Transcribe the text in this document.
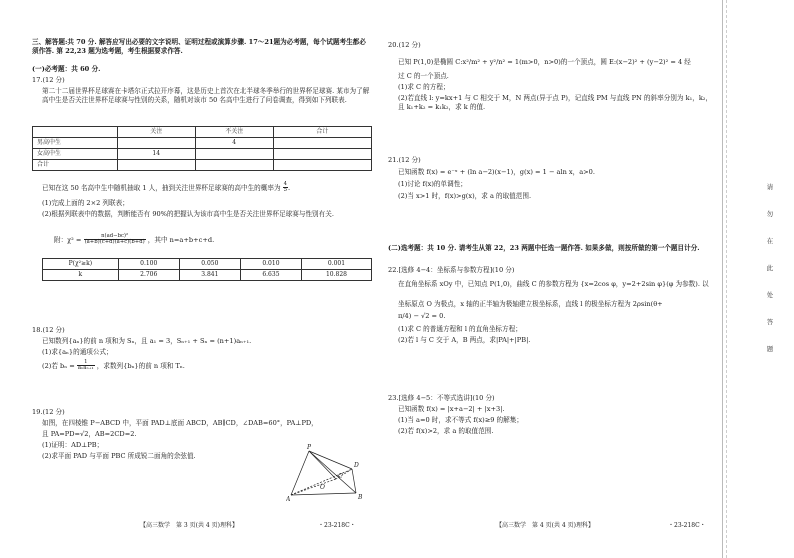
三、解答题:共 70 分. 解答应写出必要的文字说明、证明过程或演算步骤. 17～21题为必考题，每个试题考生都必须作答. 第 22,23 题为选考题，考生根据要求作答.
(一)必考题：共 60 分.
17.(12 分)
第二十二届世界杯足球赛在卡塔尔正式拉开序幕，这是历史上首次在北半球冬季举行的世界杯足球赛. 某市为了解高中生是否关注世界杯足球赛与性别的关系，随机对该市 50 名高中生进行了问卷调查，得到如下列联表.
	关注	不关注	合计
男高中生		4	
女高中生	14		
合计			
已知在这 50 名高中生中随机抽取 1 人，抽到关注世界杯足球赛的高中生的概率为 $\frac{4}{5}$ .
(1)完成上面的 2×2 列联表；
(2)根据列联表中的数据，判断能否有 90%的把握认为该市高中生是否关注世界杯足球赛与性别有关.
附：$\chi^2 = \frac{\text{n(ad−bc)²}}{(a+b)(c+d)(a+c)(b+d)}$ ，其中 n=a+b+c+d.
P(χ²≥k)	0.100	0.050	0.010	0.001
k	2.706	3.841	6.635	10.828
18.(12 分)
已知数列{aₙ}的前 n 项和为 Sₙ，且 a₁ = 3，Sₙ₊₁ + Sₙ = (n+1)aₙ₊₁.
(1)求{aₙ}的通项公式；
(2)若 $b_n = \frac{1}{\text{aₙaₙ₊₁}}$ ，求数列{bₙ}的前 n 项和 Tₙ.
19.(12 分)
如图，在四棱锥 P−ABCD 中，平面 PAD⊥底面 ABCD，AB∥CD，∠DAB=60°，PA⊥PD，
且 PA=PD=√2，AB=2CD=2.
(1)证明：AD⊥PB；
(2)求平面 PAD 与平面 PBC 所成锐二面角的余弦值.
P
A	B
C
D
O
【高三数学　第 3 页(共 4 页)理科】	・23-218C・
20.(12 分)
已知 P(1,0)是椭圆 C:x²/m² + y²/n² = 1(m>0，n>0)的一个顶点，圆 E:(x−2)² + (y−2)² = 4 经
过 C 的一个顶点.
(1)求 C 的方程；
(2)若直线 l: y=kx+1 与 C 相交于 M，N 两点(异于点 P)，记直线 PM 与直线 PN 的斜率分别为 k₁，k₂，且 k₁+k₂ = k₁k₂，求 k 的值.
21.(12 分)
已知函数 f(x) = e⁻ˣ + (ln a−2)(x−1)，g(x) = 1 − aln x，a>0.
(1)讨论 f(x)的单调性；
(2)当 x>1 时，f(x)>g(x)，求 a 的取值范围.
(二)选考题：共 10 分. 请考生从第 22，23 两题中任选一题作答. 如果多做，则按所做的第一个题目计分.
22.[选修 4−4：坐标系与参数方程](10 分)
在直角坐标系 xOy 中，已知点 P(1,0)，曲线 C 的参数方程为 {x=2cos φ，y=2+2sin φ}(φ 为参数). 以
坐标原点 O 为极点，x 轴的正半轴为极轴建立极坐标系，直线 l 的极坐标方程为 2ρsin(θ+
π/4) − √2 = 0.
(1)求 C 的普通方程和 l 的直角坐标方程；
(2)若 l 与 C 交于 A，B 两点，求|PA|+|PB|.
23.[选修 4−5：不等式选讲](10 分)
已知函数 f(x) = |x+a−2| + |x+3|.
(1)当 a=0 时，求不等式 f(x)≥9 的解集；
(2)若 f(x)>2，求 a 的取值范围.
【高三数学　第 4 页(共 4 页)理科】	・23-218C・
请
勿
在
此
处
答
题
